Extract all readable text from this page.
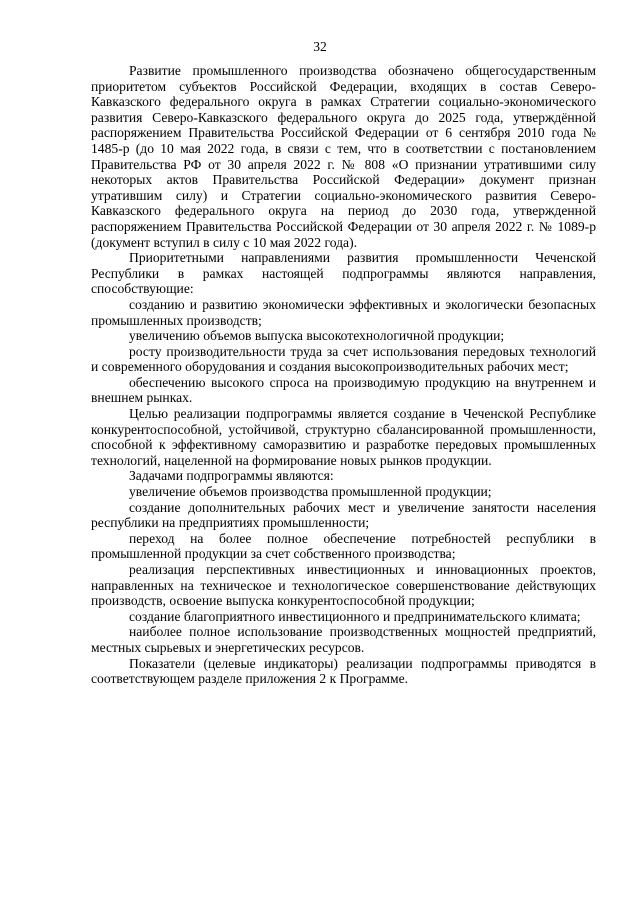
32

Развитие промышленного производства обозначено общегосударственным приоритетом субъектов Российской Федерации, входящих в состав Северо-Кавказского федерального округа в рамках Стратегии социально-экономического развития Северо-Кавказского федерального округа до 2025 года, утверждённой распоряжением Правительства Российской Федерации от 6 сентября 2010 года № 1485-р (до 10 мая 2022 года, в связи с тем, что в соответствии с постановлением Правительства РФ от 30 апреля 2022 г. № 808 «О признании утратившими силу некоторых актов Правительства Российской Федерации» документ признан утратившим силу) и Стратегии социально-экономического развития Северо-Кавказского федерального округа на период до 2030 года, утвержденной распоряжением Правительства Российской Федерации от 30 апреля 2022 г. № 1089-р (документ вступил в силу с 10 мая 2022 года).

Приоритетными направлениями развития промышленности Чеченской Республики в рамках настоящей подпрограммы являются направления, способствующие:

созданию и развитию экономически эффективных и экологически безопасных промышленных производств;

увеличению объемов выпуска высокотехнологичной продукции;

росту производительности труда за счет использования передовых технологий и современного оборудования и создания высокопроизводительных рабочих мест;

обеспечению высокого спроса на производимую продукцию на внутреннем и внешнем рынках.

Целью реализации подпрограммы является создание в Чеченской Республике конкурентоспособной, устойчивой, структурно сбалансированной промышленности, способной к эффективному саморазвитию и разработке передовых промышленных технологий, нацеленной на формирование новых рынков продукции.

Задачами подпрограммы являются:

увеличение объемов производства промышленной продукции;

создание дополнительных рабочих мест и увеличение занятости населения республики на предприятиях промышленности;

переход на более полное обеспечение потребностей республики в промышленной продукции за счет собственного производства;

реализация перспективных инвестиционных и инновационных проектов, направленных на техническое и технологическое совершенствование действующих производств, освоение выпуска конкурентоспособной продукции;

создание благоприятного инвестиционного и предпринимательского климата;

наиболее полное использование производственных мощностей предприятий, местных сырьевых и энергетических ресурсов.

Показатели (целевые индикаторы) реализации подпрограммы приводятся в соответствующем разделе приложения 2 к Программе.
